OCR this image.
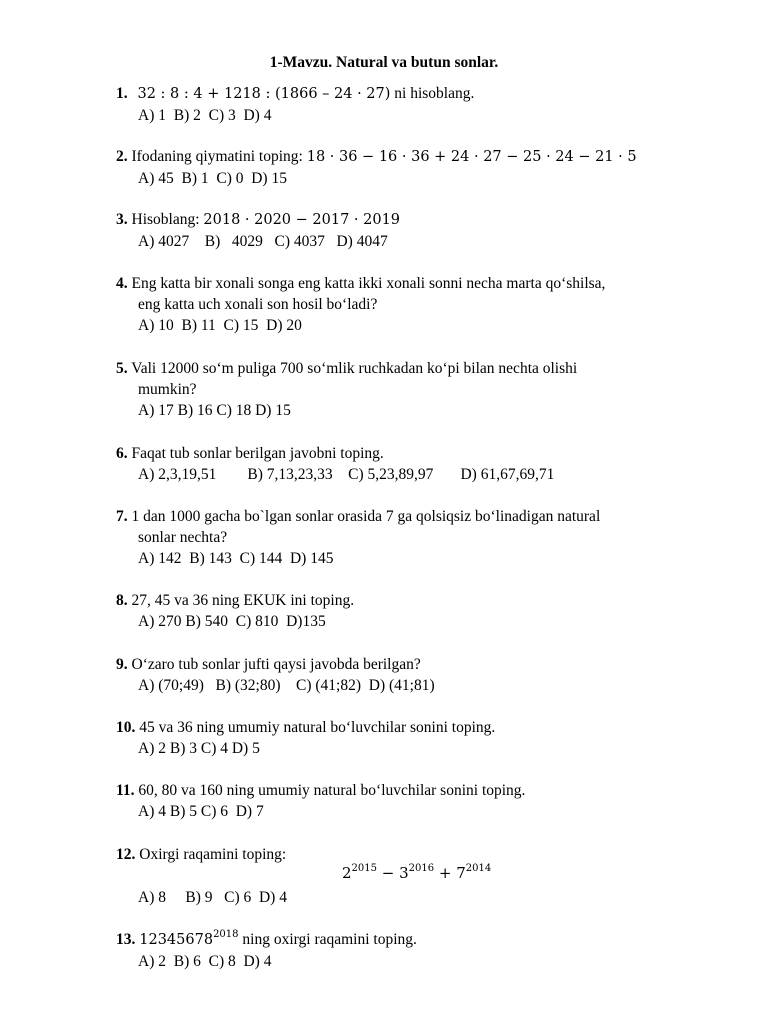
1-Mavzu. Natural va butun sonlar.
1. 32 : 8 : 4 + 1218 : (1866 – 24 · 27) ni hisoblang.
A) 1  B) 2  C) 3  D) 4
2. Ifodaning qiymatini toping: 18 · 36 − 16 · 36 + 24 · 27 − 25 · 24 − 21 · 5
A) 45  B) 1  C) 0  D) 15
3. Hisoblang: 2018 · 2020 − 2017 · 2019
A) 4027    B)   4029   C) 4037   D) 4047
4. Eng katta bir xonali songa eng katta ikki xonali sonni necha marta qo‘shilsa,
eng katta uch xonali son hosil bo‘ladi?
A) 10  B) 11  C) 15  D) 20
5. Vali 12000 so‘m puliga 700 so‘mlik ruchkadan ko‘pi bilan nechta olishi
mumkin?
A) 17 B) 16 C) 18 D) 15
6. Faqat tub sonlar berilgan javobni toping.
A) 2,3,19,51        B) 7,13,23,33    C) 5,23,89,97       D) 61,67,69,71
7. 1 dan 1000 gacha bo`lgan sonlar orasida 7 ga qolsiqsiz bo‘linadigan natural
sonlar nechta?
A) 142  B) 143  C) 144  D) 145
8. 27, 45 va 36 ning EKUK ini toping.
A) 270 B) 540  C) 810  D)135
9. O‘zaro tub sonlar jufti qaysi javobda berilgan?
A) (70;49)   B) (32;80)    C) (41;82)  D) (41;81)
10. 45 va 36 ning umumiy natural bo‘luvchilar sonini toping.
A) 2 B) 3 C) 4 D) 5
11. 60, 80 va 160 ning umumiy natural bo‘luvchilar sonini toping.
A) 4 B) 5 C) 6  D) 7
12. Oxirgi raqamini toping:
A) 8     B) 9   C) 6  D) 4
$2^{2015} - 3^{2016} + 7^{2014}$
13. $12345678^{2018}$ ning oxirgi raqamini toping.
A) 2  B) 6  C) 8  D) 4
